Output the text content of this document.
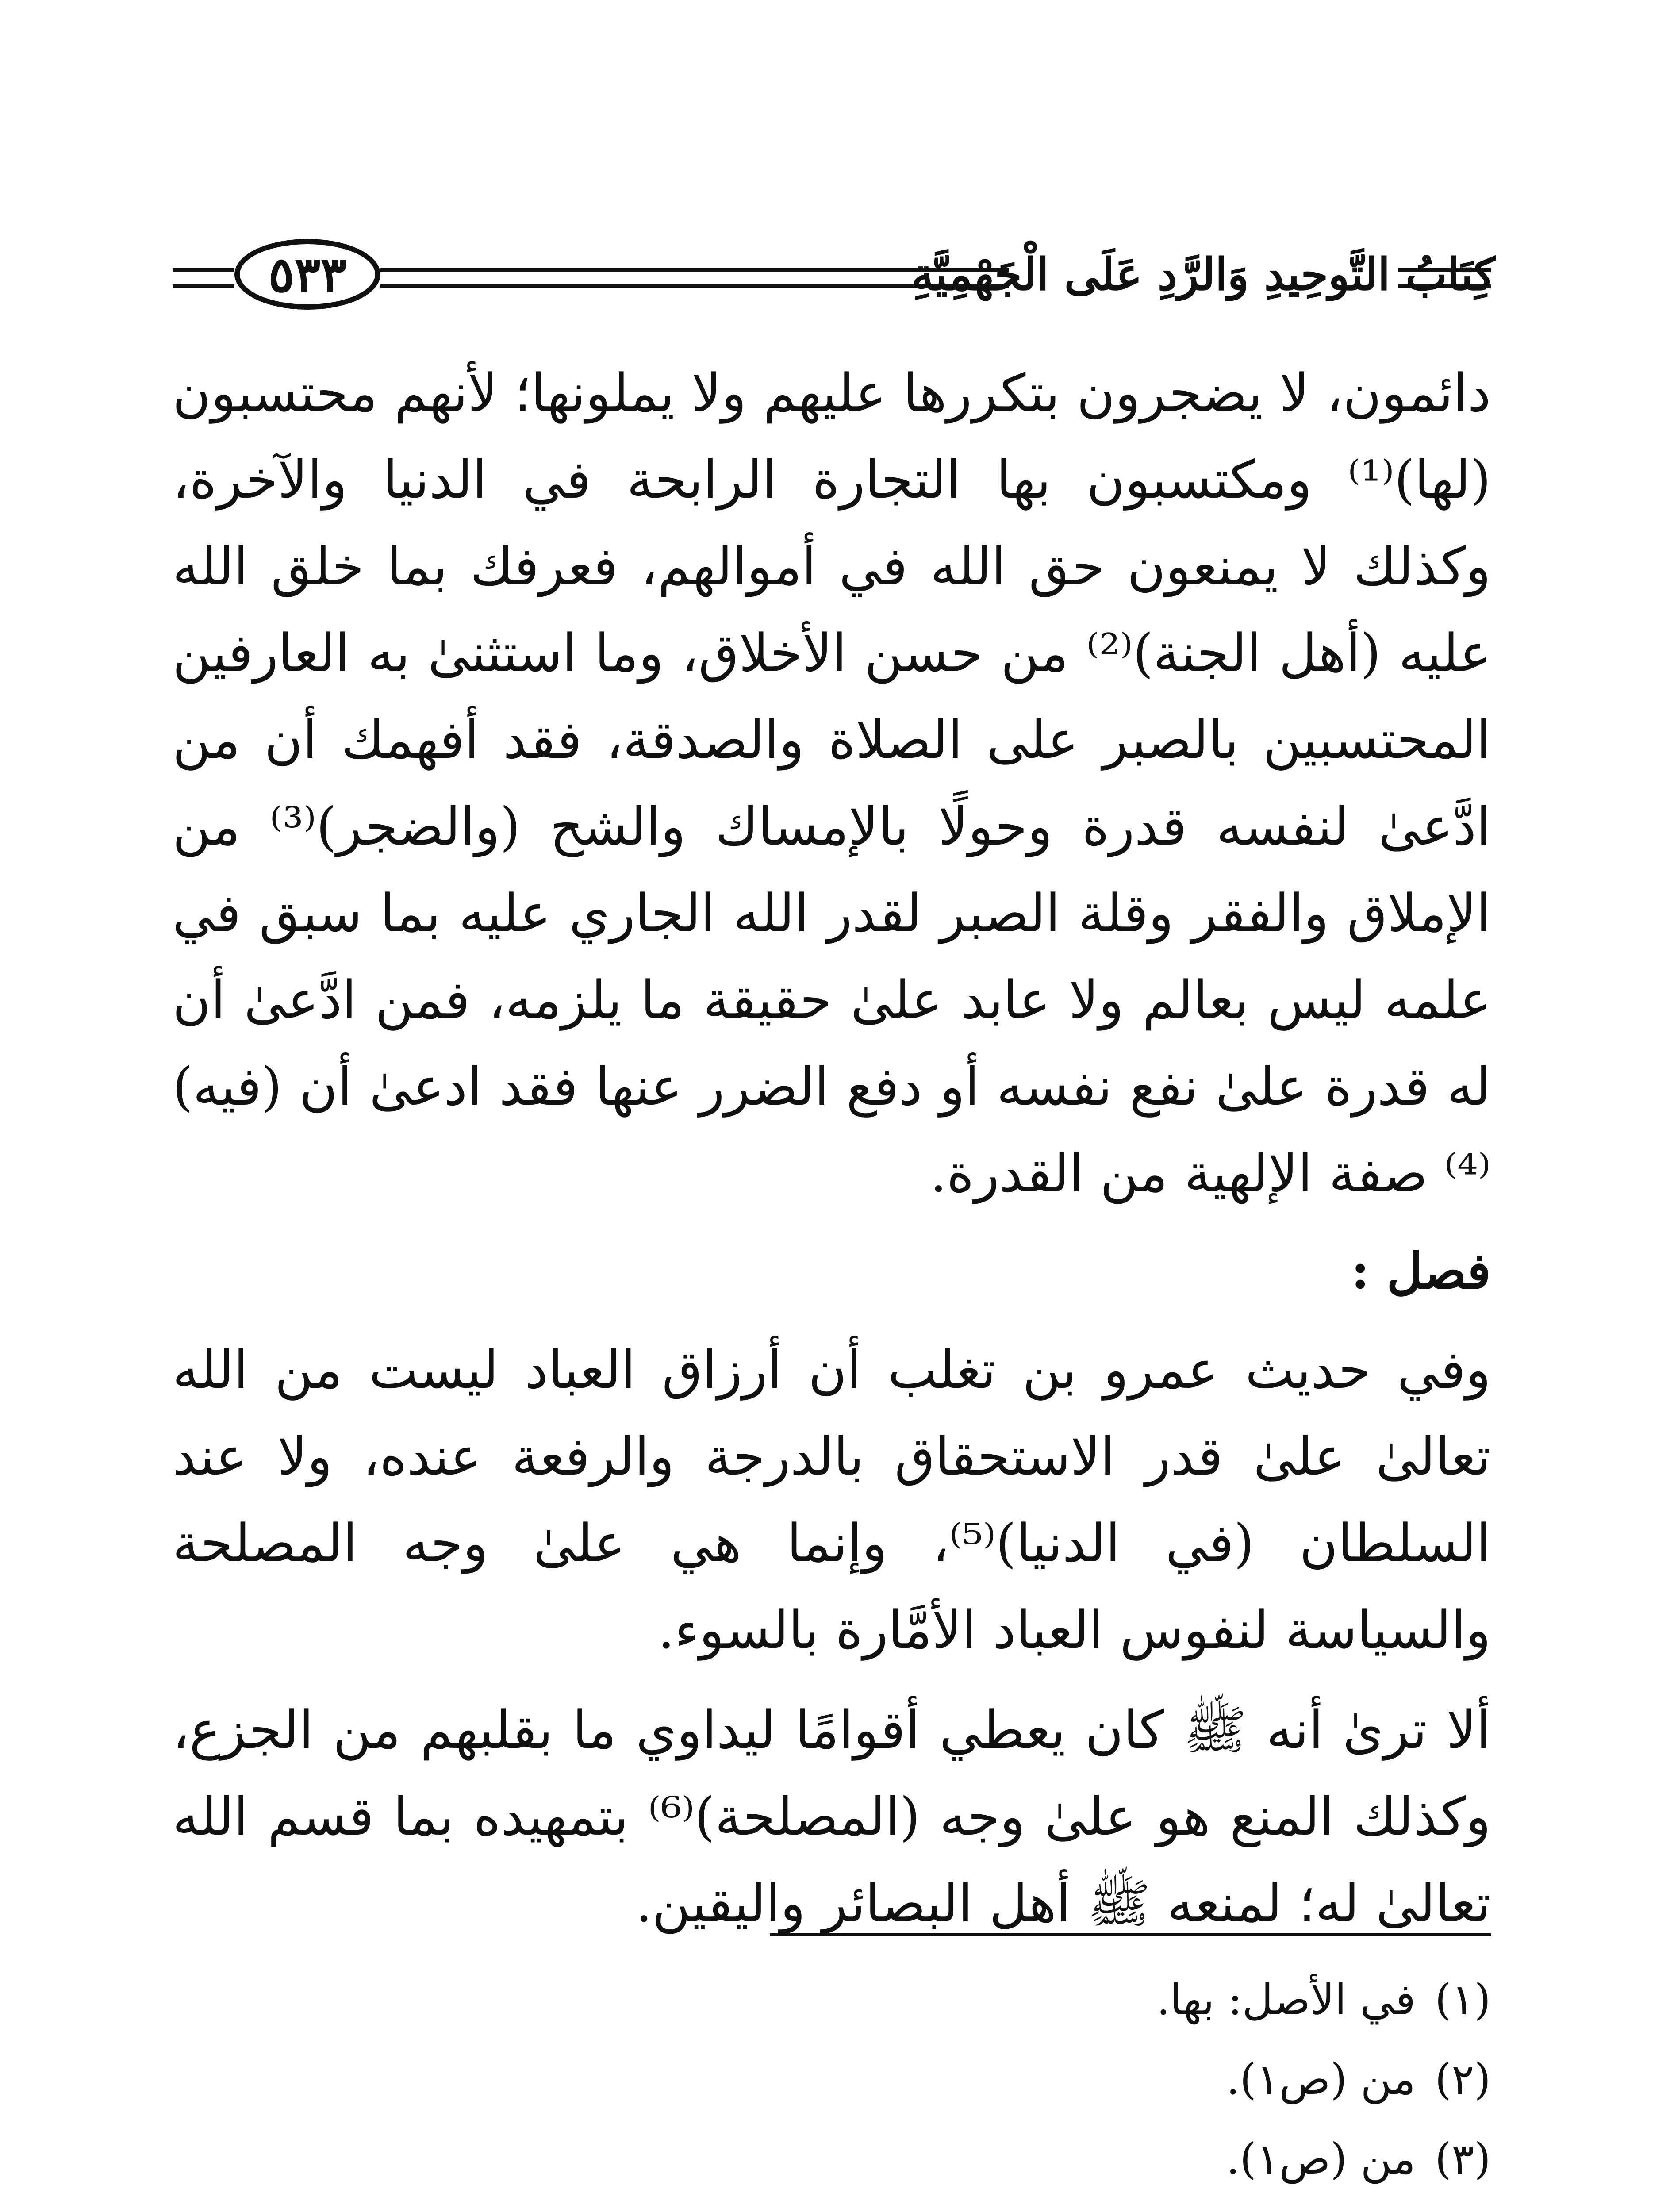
٥٣٣	كِتَابُ التَّوحِيدِ وَالرَّدِ عَلَى الْجَهْمِيَّةِ

دائمون، لا يضجرون بتكررها عليهم ولا يملونها؛ لأنهم محتسبون (لها)⁽¹⁾ ومكتسبون بها التجارة الرابحة في الدنيا والآخرة، وكذلك لا يمنعون حق الله في أموالهم، فعرفك بما خلق الله عليه (أهل الجنة)⁽²⁾ من حسن الأخلاق، وما استثنىٰ به العارفين المحتسبين بالصبر على الصلاة والصدقة، فقد أفهمك أن من ادَّعىٰ لنفسه قدرة وحولًا بالإمساك والشح (والضجر)⁽³⁾ من الإملاق والفقر وقلة الصبر لقدر الله الجاري عليه بما سبق في علمه ليس بعالم ولا عابد علىٰ حقيقة ما يلزمه، فمن ادَّعىٰ أن له قدرة علىٰ نفع نفسه أو دفع الضرر عنها فقد ادعىٰ أن (فيه)⁽⁴⁾ صفة الإلهية من القدرة.

فصل :

وفي حديث عمرو بن تغلب أن أرزاق العباد ليست من الله تعالىٰ علىٰ قدر الاستحقاق بالدرجة والرفعة عنده، ولا عند السلطان (في الدنيا)⁽⁵⁾، وإنما هي علىٰ وجه المصلحة والسياسة لنفوس العباد الأمَّارة بالسوء.

ألا ترىٰ أنه ﷺ كان يعطي أقوامًا ليداوي ما بقلبهم من الجزع، وكذلك المنع هو علىٰ وجه (المصلحة)⁽⁶⁾ بتمهيده بما قسم الله تعالىٰ له؛ لمنعه ﷺ أهل البصائر واليقين.

(١)في الأصل: بها.
(٢)من (ص١).
(٣)من (ص١).
